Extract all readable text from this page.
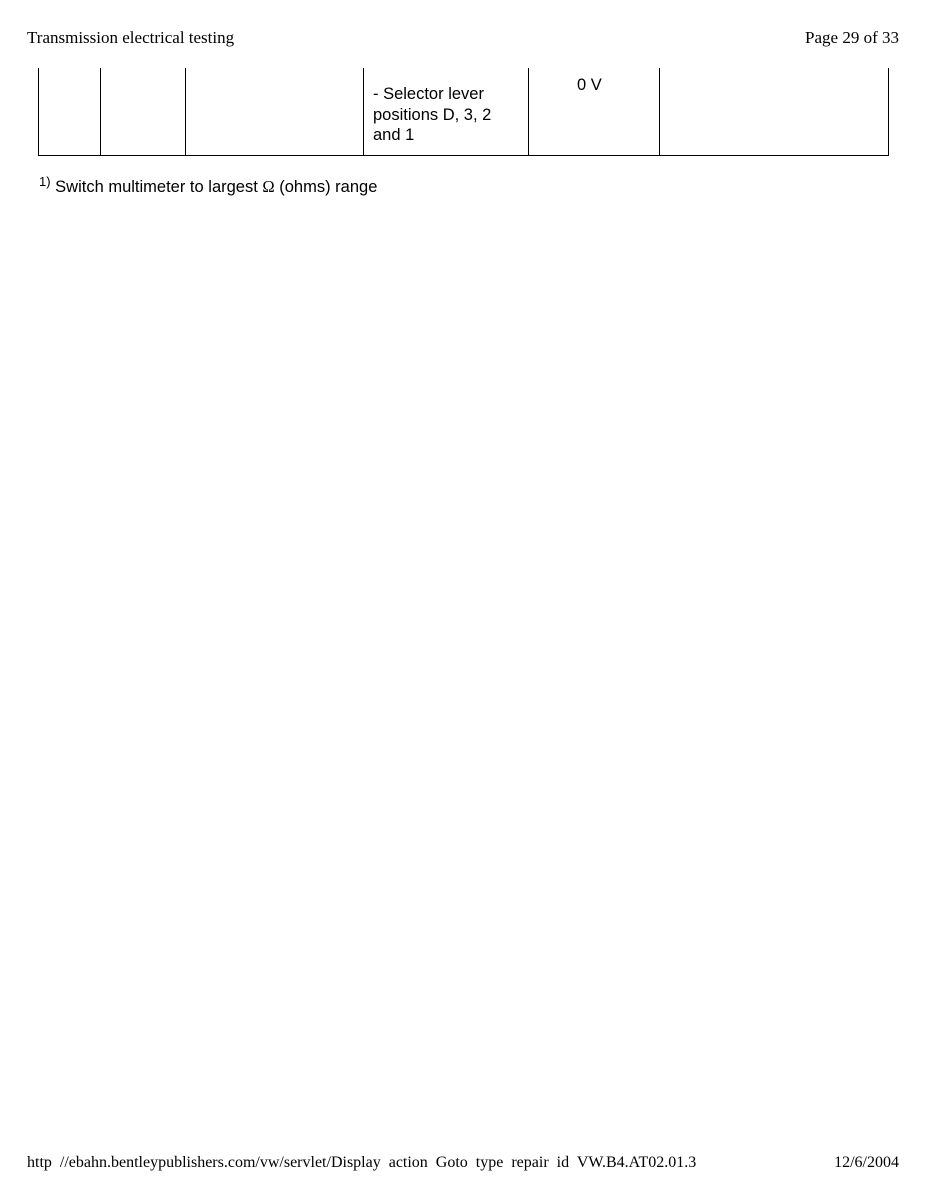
Transmission electrical testing	Page 29 of 33
- Selector lever
positions D, 3, 2
and 1
0 V
$^{1)}$ Switch multimeter to largest Ω (ohms) range
http //ebahn.bentleypublishers.com/vw/servlet/Display action Goto type repair id VW.B4.AT02.01.3	12/6/2004
